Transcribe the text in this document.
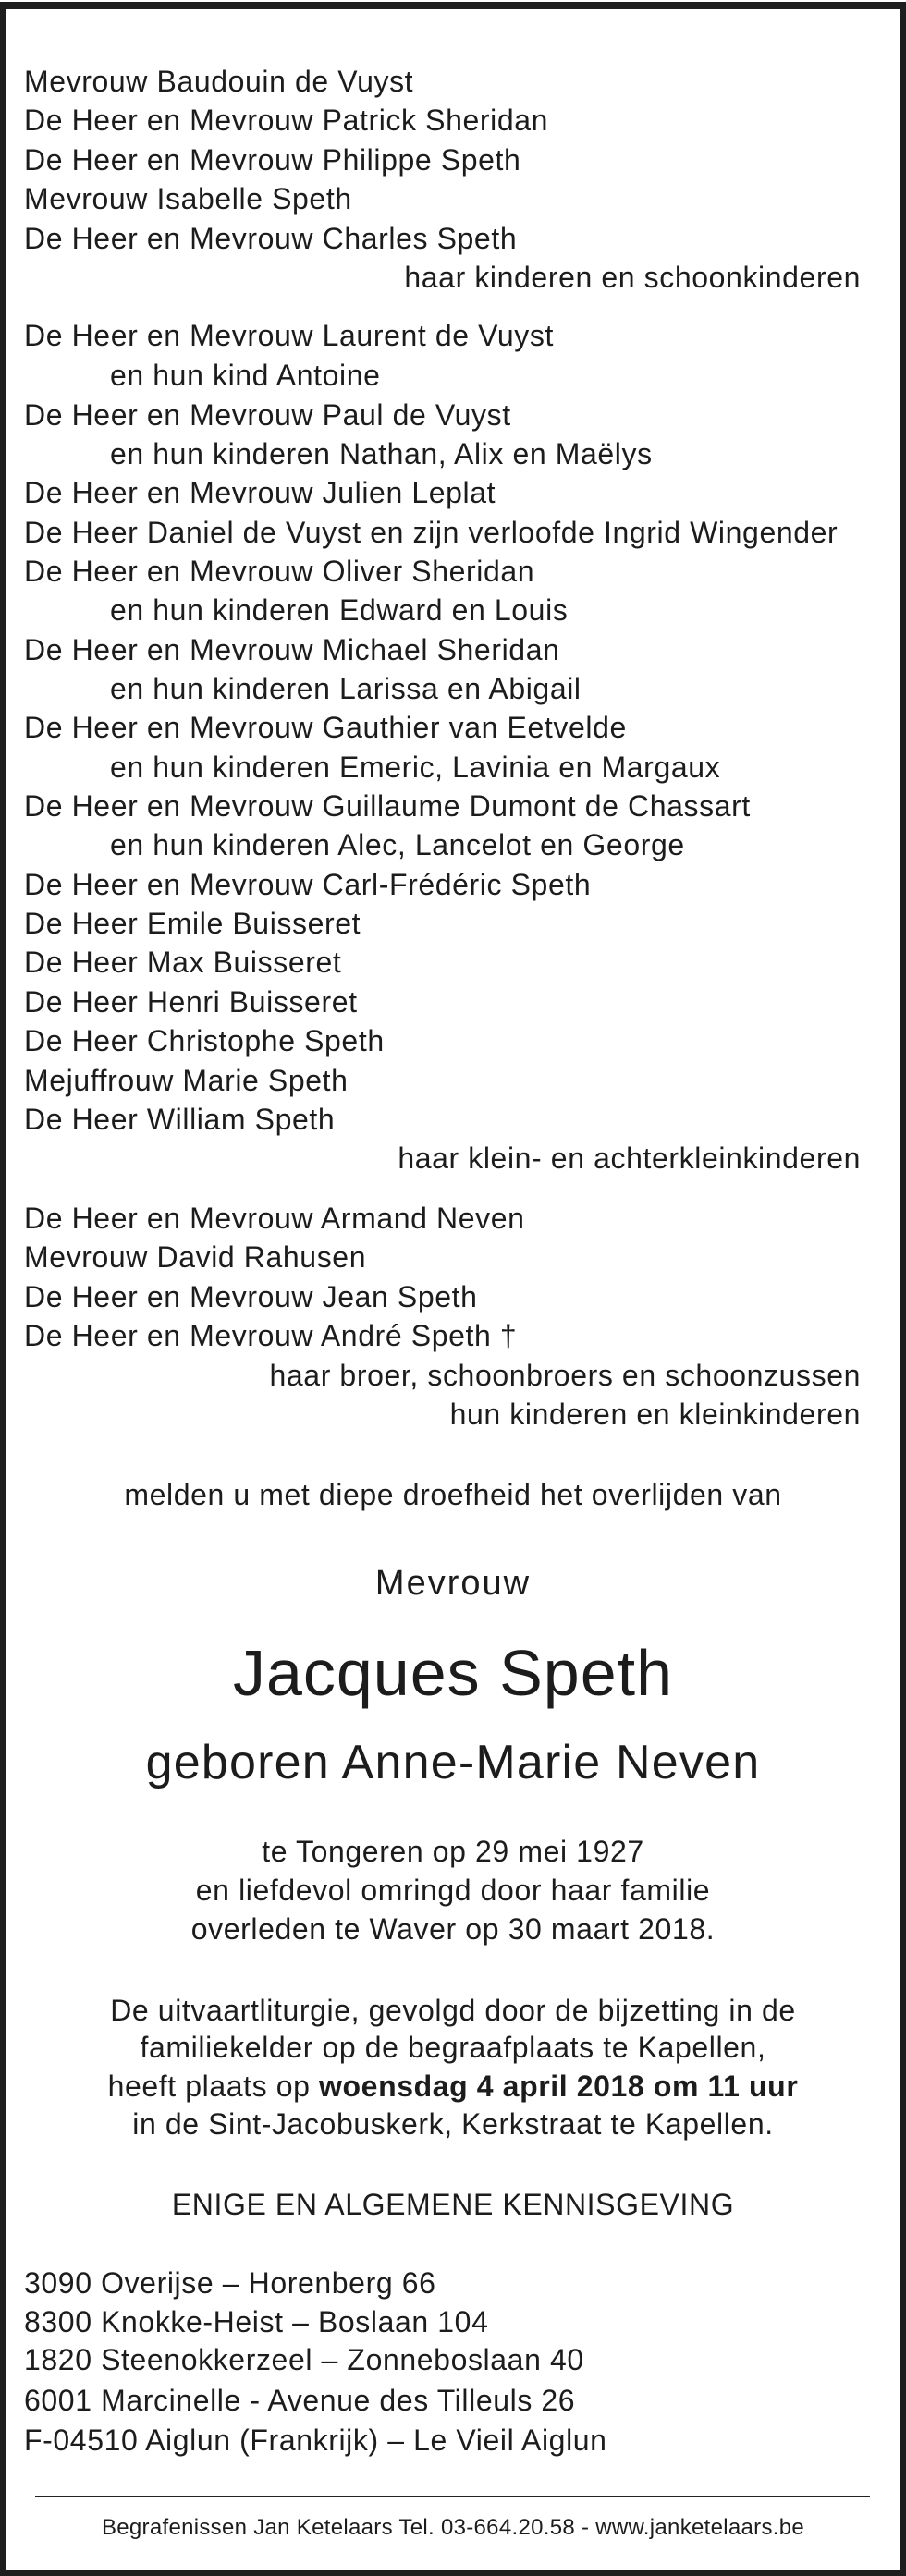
Mevrouw Baudouin de Vuyst
De Heer en Mevrouw Patrick Sheridan
De Heer en Mevrouw Philippe Speth
Mevrouw Isabelle Speth
De Heer en Mevrouw Charles Speth
haar kinderen en schoonkinderen
De Heer en Mevrouw Laurent de Vuyst
en hun kind Antoine
De Heer en Mevrouw Paul de Vuyst
en hun kinderen Nathan, Alix en Maëlys
De Heer en Mevrouw Julien Leplat
De Heer Daniel de Vuyst en zijn verloofde Ingrid Wingender
De Heer en Mevrouw Oliver Sheridan
en hun kinderen Edward en Louis
De Heer en Mevrouw Michael Sheridan
en hun kinderen Larissa en Abigail
De Heer en Mevrouw Gauthier van Eetvelde
en hun kinderen Emeric, Lavinia en Margaux
De Heer en Mevrouw Guillaume Dumont de Chassart
en hun kinderen Alec, Lancelot en George
De Heer en Mevrouw Carl-Frédéric Speth
De Heer Emile Buisseret
De Heer Max Buisseret
De Heer Henri Buisseret
De Heer Christophe Speth
Mejuffrouw Marie Speth
De Heer William Speth
haar klein- en achterkleinkinderen
De Heer en Mevrouw Armand Neven
Mevrouw David Rahusen
De Heer en Mevrouw Jean Speth
De Heer en Mevrouw André Speth †
haar broer, schoonbroers en schoonzussen
hun kinderen en kleinkinderen
melden u met diepe droefheid het overlijden van
Mevrouw
Jacques Speth
geboren Anne-Marie Neven
te Tongeren op 29 mei 1927
en liefdevol omringd door haar familie
overleden te Waver op 30 maart 2018.
De uitvaartliturgie, gevolgd door de bijzetting in de
familiekelder op de begraafplaats te Kapellen,
heeft plaats op woensdag 4 april 2018 om 11 uur
in de Sint-Jacobuskerk, Kerkstraat te Kapellen.
ENIGE EN ALGEMENE KENNISGEVING
3090 Overijse – Horenberg 66
8300 Knokke-Heist – Boslaan 104
1820 Steenokkerzeel – Zonneboslaan 40
6001 Marcinelle - Avenue des Tilleuls 26
F-04510 Aiglun (Frankrijk) – Le Vieil Aiglun
Begrafenissen Jan Ketelaars Tel. 03-664.20.58 - www.janketelaars.be
